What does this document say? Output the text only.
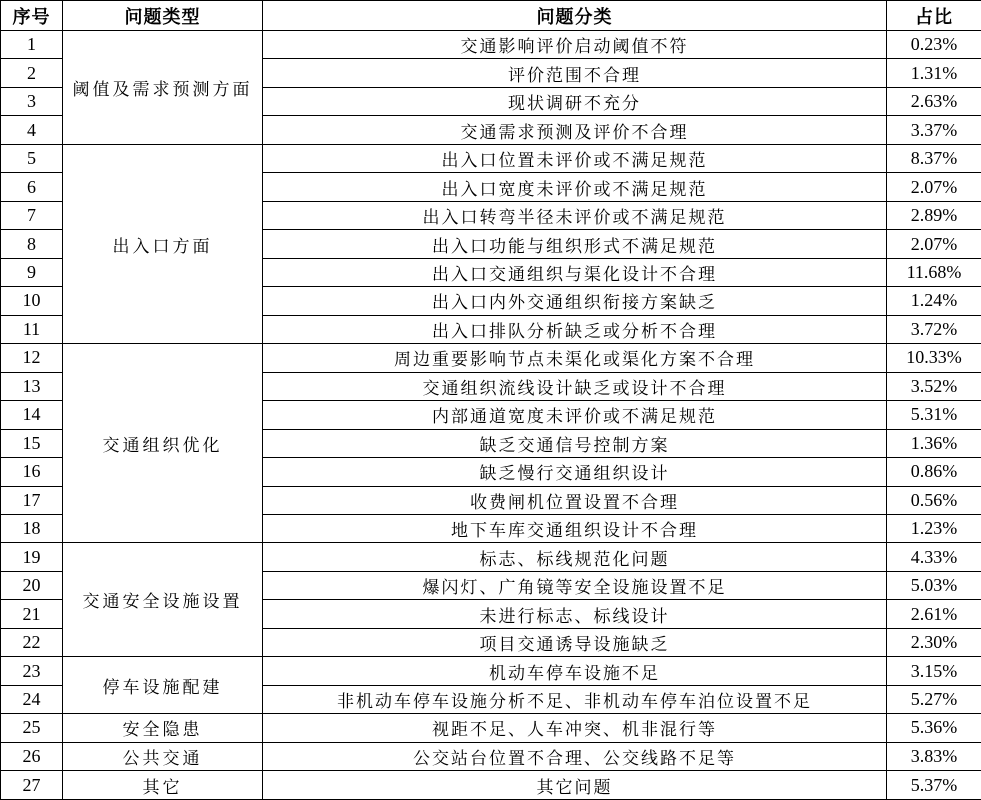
序号	问题类型	问题分类	占比
1	阈值及需求预测方面	交通影响评价启动阈值不符	0.23%
2		评价范围不合理	1.31%
3		现状调研不充分	2.63%
4		交通需求预测及评价不合理	3.37%
5	出入口方面	出入口位置未评价或不满足规范	8.37%
6		出入口宽度未评价或不满足规范	2.07%
7		出入口转弯半径未评价或不满足规范	2.89%
8		出入口功能与组织形式不满足规范	2.07%
9		出入口交通组织与渠化设计不合理	11.68%
10		出入口内外交通组织衔接方案缺乏	1.24%
11		出入口排队分析缺乏或分析不合理	3.72%
12	交通组织优化	周边重要影响节点未渠化或渠化方案不合理	10.33%
13		交通组织流线设计缺乏或设计不合理	3.52%
14		内部通道宽度未评价或不满足规范	5.31%
15		缺乏交通信号控制方案	1.36%
16		缺乏慢行交通组织设计	0.86%
17		收费闸机位置设置不合理	0.56%
18		地下车库交通组织设计不合理	1.23%
19	交通安全设施设置	标志、标线规范化问题	4.33%
20		爆闪灯、广角镜等安全设施设置不足	5.03%
21		未进行标志、标线设计	2.61%
22		项目交通诱导设施缺乏	2.30%
23	停车设施配建	机动车停车设施不足	3.15%
24		非机动车停车设施分析不足、非机动车停车泊位设置不足	5.27%
25	安全隐患	视距不足、人车冲突、机非混行等	5.36%
26	公共交通	公交站台位置不合理、公交线路不足等	3.83%
27	其它	其它问题	5.37%
